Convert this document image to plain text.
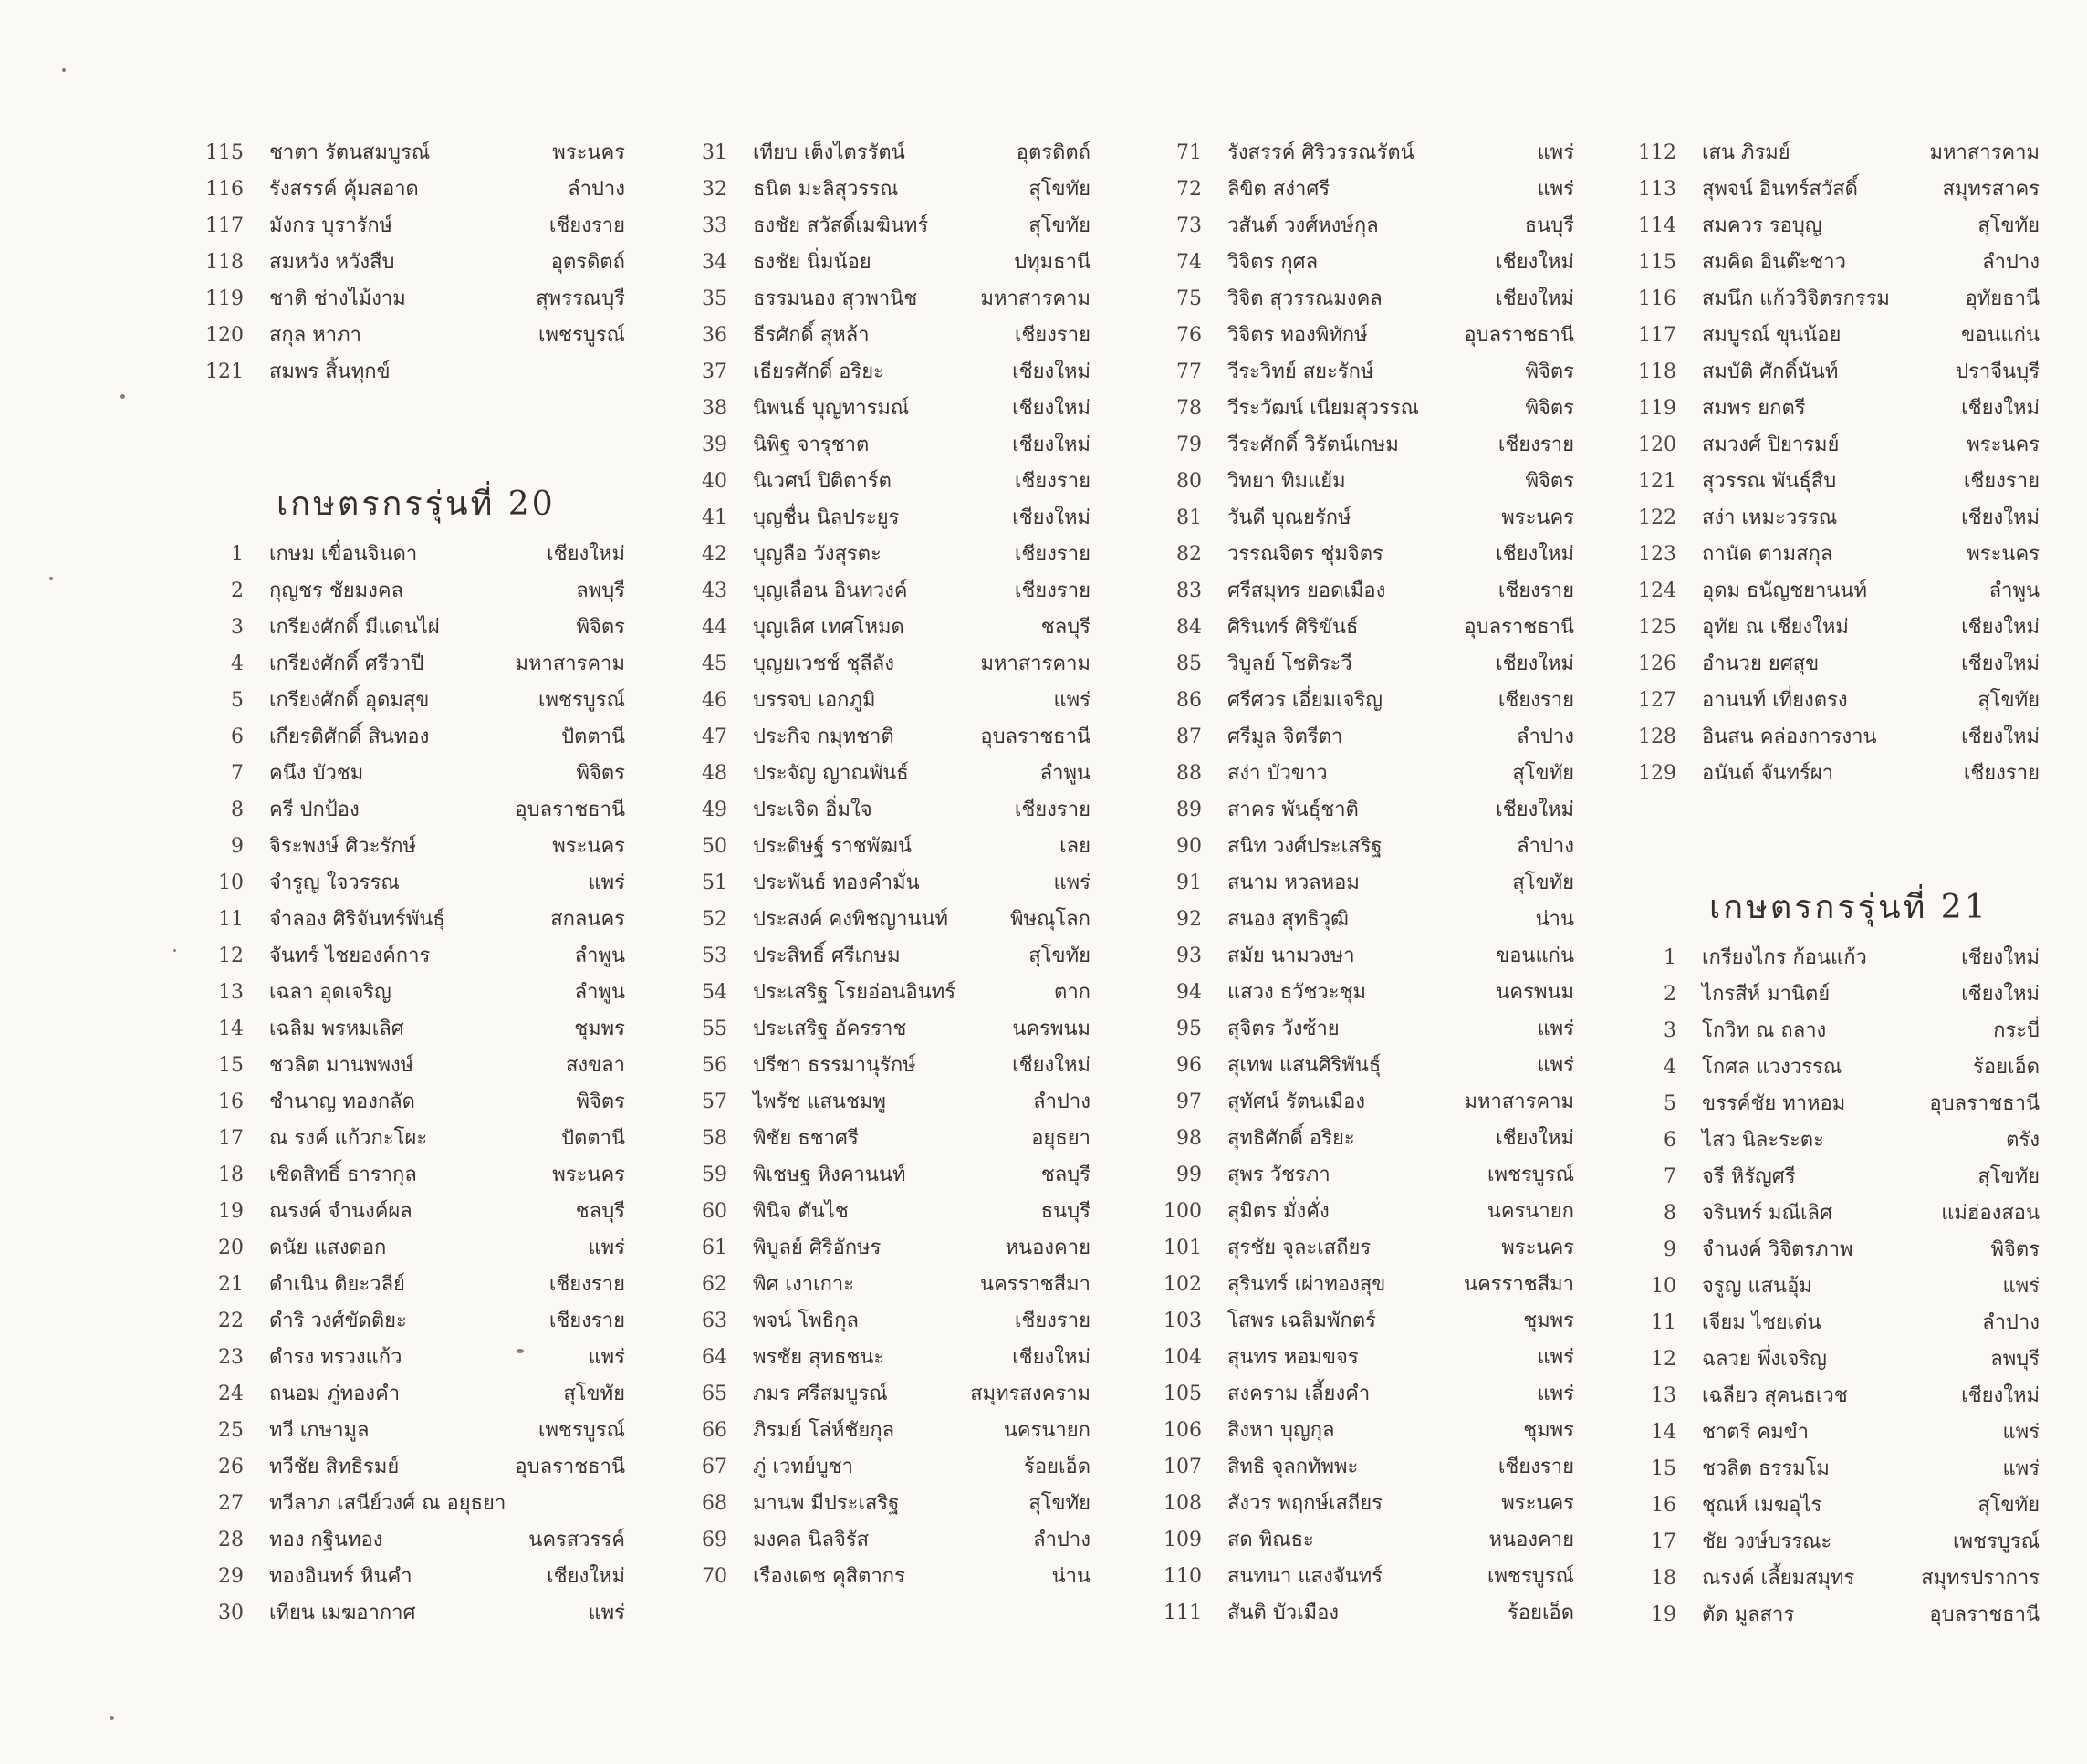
115 ชาตา รัตนสมบูรณ์	พระนคร
116 รังสรรค์ คุ้มสอาด	ลำปาง
117 มังกร บุรารักษ์	เชียงราย
118 สมหวัง หวังสืบ	อุตรดิตถ์
119 ชาติ ช่างไม้งาม	สุพรรณบุรี
120 สกุล หาภา	เพชรบูรณ์
121 สมพร สิ้นทุกข์
เกษตรกรรุ่นที่ 20
1 เกษม เขื่อนจินดา	เชียงใหม่
2 กุญชร ชัยมงคล	ลพบุรี
3 เกรียงศักดิ์ มีแดนไผ่	พิจิตร
4 เกรียงศักดิ์ ศรีวาปี	มหาสารคาม
5 เกรียงศักดิ์ อุดมสุข	เพชรบูรณ์
6 เกียรติศักดิ์ สินทอง	ปัตตานี
7 คนึง บัวชม	พิจิตร
8 ครี ปกป้อง	อุบลราชธานี
9 จิระพงษ์ ศิวะรักษ์	พระนคร
10 จำรูญ ใจวรรณ	แพร่
11 จำลอง ศิริจันทร์พันธุ์	สกลนคร
12 จันทร์ ไชยองค์การ	ลำพูน
13 เฉลา อุดเจริญ	ลำพูน
14 เฉลิม พรหมเลิศ	ชุมพร
15 ชวลิต มานพพงษ์	สงขลา
16 ชำนาญ ทองกลัด	พิจิตร
17 ณ รงค์ แก้วกะโผะ	ปัตตานี
18 เชิดสิทธิ์ ธารากุล	พระนคร
19 ณรงค์ จำนงค์ผล	ชลบุรี
20 ดนัย แสงดอก	แพร่
21 ดำเนิน ติยะวลีย์	เชียงราย
22 ดำริ วงศ์ขัดติยะ	เชียงราย
23 ดำรง ทรวงแก้ว	แพร่
24 ถนอม ภู่ทองคำ	สุโขทัย
25 ทวี เกษามูล	เพชรบูรณ์
26 ทวีชัย สิทธิรมย์	อุบลราชธานี
27 ทวีลาภ เสนีย์วงศ์ ณ อยุธยา
28 ทอง กฐินทอง	นครสวรรค์
29 ทองอินทร์ หินคำ	เชียงใหม่
30 เทียน เมฆอากาศ	แพร่
31 เทียบ เต็งไตรรัตน์	อุตรดิตถ์
32 ธนิต มะลิสุวรรณ	สุโขทัย
33 ธงชัย สวัสดิ์เมฆินทร์	สุโขทัย
34 ธงชัย นิ่มน้อย	ปทุมธานี
35 ธรรมนอง สุวพานิช	มหาสารคาม
36 ธีรศักดิ์ สุหล้า	เชียงราย
37 เธียรศักดิ์ อริยะ	เชียงใหม่
38 นิพนธ์ บุญทารมณ์	เชียงใหม่
39 นิพิฐ จารุชาต	เชียงใหม่
40 นิเวศน์ ปิติตาร์ต	เชียงราย
41 บุญชื่น นิลประยูร	เชียงใหม่
42 บุญลือ วังสุรตะ	เชียงราย
43 บุญเลื่อน อินทวงค์	เชียงราย
44 บุญเลิศ เทศโหมด	ชลบุรี
45 บุญยเวชช์ ชุลีลัง	มหาสารคาม
46 บรรจบ เอกภูมิ	แพร่
47 ประกิจ กมุทชาติ	อุบลราชธานี
48 ประจัญ ญาณพันธ์	ลำพูน
49 ประเจิด อิ่มใจ	เชียงราย
50 ประดิษฐ์ ราชพัฒน์	เลย
51 ประพันธ์ ทองคำมั่น	แพร่
52 ประสงค์ คงพิชญานนท์	พิษณุโลก
53 ประสิทธิ์ ศรีเกษม	สุโขทัย
54 ประเสริฐ โรยอ่อนอินทร์	ตาก
55 ประเสริฐ อัครราช	นครพนม
56 ปรีชา ธรรมานุรักษ์	เชียงใหม่
57 ไพรัช แสนชมพู	ลำปาง
58 พิชัย ธชาศรี	อยุธยา
59 พิเชษฐ หิงคานนท์	ชลบุรี
60 พินิจ ตันไช	ธนบุรี
61 พิบูลย์ ศิริอักษร	หนองคาย
62 พิศ เงาเกาะ	นครราชสีมา
63 พจน์ โพธิกุล	เชียงราย
64 พรชัย สุทธชนะ	เชียงใหม่
65 ภมร ศรีสมบูรณ์	สมุทรสงคราม
66 ภิรมย์ โล่ห์ชัยกุล	นครนายก
67 ภู่ เวทย์บูชา	ร้อยเอ็ด
68 มานพ มีประเสริฐ	สุโขทัย
69 มงคล นิลจิรัส	ลำปาง
70 เรืองเดช คุสิตากร	น่าน
71 รังสรรค์ ศิริวรรณรัตน์	แพร่
72 ลิขิต สง่าศรี	แพร่
73 วสันต์ วงศ์หงษ์กุล	ธนบุรี
74 วิจิตร กุศล	เชียงใหม่
75 วิจิต สุวรรณมงคล	เชียงใหม่
76 วิจิตร ทองพิทักษ์	อุบลราชธานี
77 วีระวิทย์ สยะรักษ์	พิจิตร
78 วีระวัฒน์ เนียมสุวรรณ	พิจิตร
79 วีระศักดิ์ วิรัตน์เกษม	เชียงราย
80 วิทยา ทิมแย้ม	พิจิตร
81 วันดี บุณยรักษ์	พระนคร
82 วรรณจิตร ชุ่มจิตร	เชียงใหม่
83 ศรีสมุทร ยอดเมือง	เชียงราย
84 ศิรินทร์ ศิริขันธ์	อุบลราชธานี
85 วิบูลย์ โชติระวี	เชียงใหม่
86 ศรีศวร เอี่ยมเจริญ	เชียงราย
87 ศรีมูล จิตรีตา	ลำปาง
88 สง่า บัวขาว	สุโขทัย
89 สาคร พันธุ์ชาติ	เชียงใหม่
90 สนิท วงศ์ประเสริฐ	ลำปาง
91 สนาม หวลหอม	สุโขทัย
92 สนอง สุทธิวุฒิ	น่าน
93 สมัย นามวงษา	ขอนแก่น
94 แสวง ธวัชวะชุม	นครพนม
95 สุจิตร วังซ้าย	แพร่
96 สุเทพ แสนศิริพันธุ์	แพร่
97 สุทัศน์ รัตนเมือง	มหาสารคาม
98 สุทธิศักดิ์ อริยะ	เชียงใหม่
99 สุพร วัชรภา	เพชรบูรณ์
100 สุมิตร มั่งคั่ง	นครนายก
101 สุรชัย จุละเสถียร	พระนคร
102 สุรินทร์ เผ่าทองสุข	นครราชสีมา
103 โสพร เฉลิมพักตร์	ชุมพร
104 สุนทร หอมขจร	แพร่
105 สงคราม เลี้ยงคำ	แพร่
106 สิงหา บุญกุล	ชุมพร
107 สิทธิ จุลกทัพพะ	เชียงราย
108 สังวร พฤกษ์เสถียร	พระนคร
109 สด พิณธะ	หนองคาย
110 สนทนา แสงจันทร์	เพชรบูรณ์
111 สันติ บัวเมือง	ร้อยเอ็ด
112 เสน ภิรมย์	มหาสารคาม
113 สุพจน์ อินทร์สวัสดิ์	สมุทรสาคร
114 สมควร รอบุญ	สุโขทัย
115 สมคิด อินต๊ะชาว	ลำปาง
116 สมนึก แก้ววิจิตรกรรม	อุทัยธานี
117 สมบูรณ์ ขุนน้อย	ขอนแก่น
118 สมบัติ ศักดิ์นันท์	ปราจีนบุรี
119 สมพร ยกตรี	เชียงใหม่
120 สมวงศ์ ปิยารมย์	พระนคร
121 สุวรรณ พันธุ์สืบ	เชียงราย
122 สง่า เหมะวรรณ	เชียงใหม่
123 ถานัด ตามสกุล	พระนคร
124 อุดม ธนัญชยานนท์	ลำพูน
125 อุทัย ณ เชียงใหม่	เชียงใหม่
126 อำนวย ยศสุข	เชียงใหม่
127 อานนท์ เที่ยงตรง	สุโขทัย
128 อินสน คล่องการงาน	เชียงใหม่
129 อนันต์ จันทร์ผา	เชียงราย
เกษตรกรรุ่นที่ 21
1 เกรียงไกร ก้อนแก้ว	เชียงใหม่
2 ไกรสีห์ มานิตย์	เชียงใหม่
3 โกวิท ณ ถลาง	กระบี่
4 โกศล แวงวรรณ	ร้อยเอ็ด
5 ขรรค์ชัย ทาหอม	อุบลราชธานี
6 ไสว นิละระตะ	ตรัง
7 จรี หิรัญศรี	สุโขทัย
8 จรินทร์ มณีเลิศ	แม่ฮ่องสอน
9 จำนงค์ วิจิตรภาพ	พิจิตร
10 จรูญ แสนอุ้ม	แพร่
11 เจียม ไชยเด่น	ลำปาง
12 ฉลวย พึ่งเจริญ	ลพบุรี
13 เฉลียว สุคนธเวช	เชียงใหม่
14 ชาตรี คมขำ	แพร่
15 ชวลิต ธรรมโม	แพร่
16 ชุณห์ เมฆอุไร	สุโขทัย
17 ชัย วงษ์บรรณะ	เพชรบูรณ์
18 ณรงค์ เลี้ยมสมุทร	สมุทรปราการ
19 ตัด มูลสาร	อุบลราชธานี
